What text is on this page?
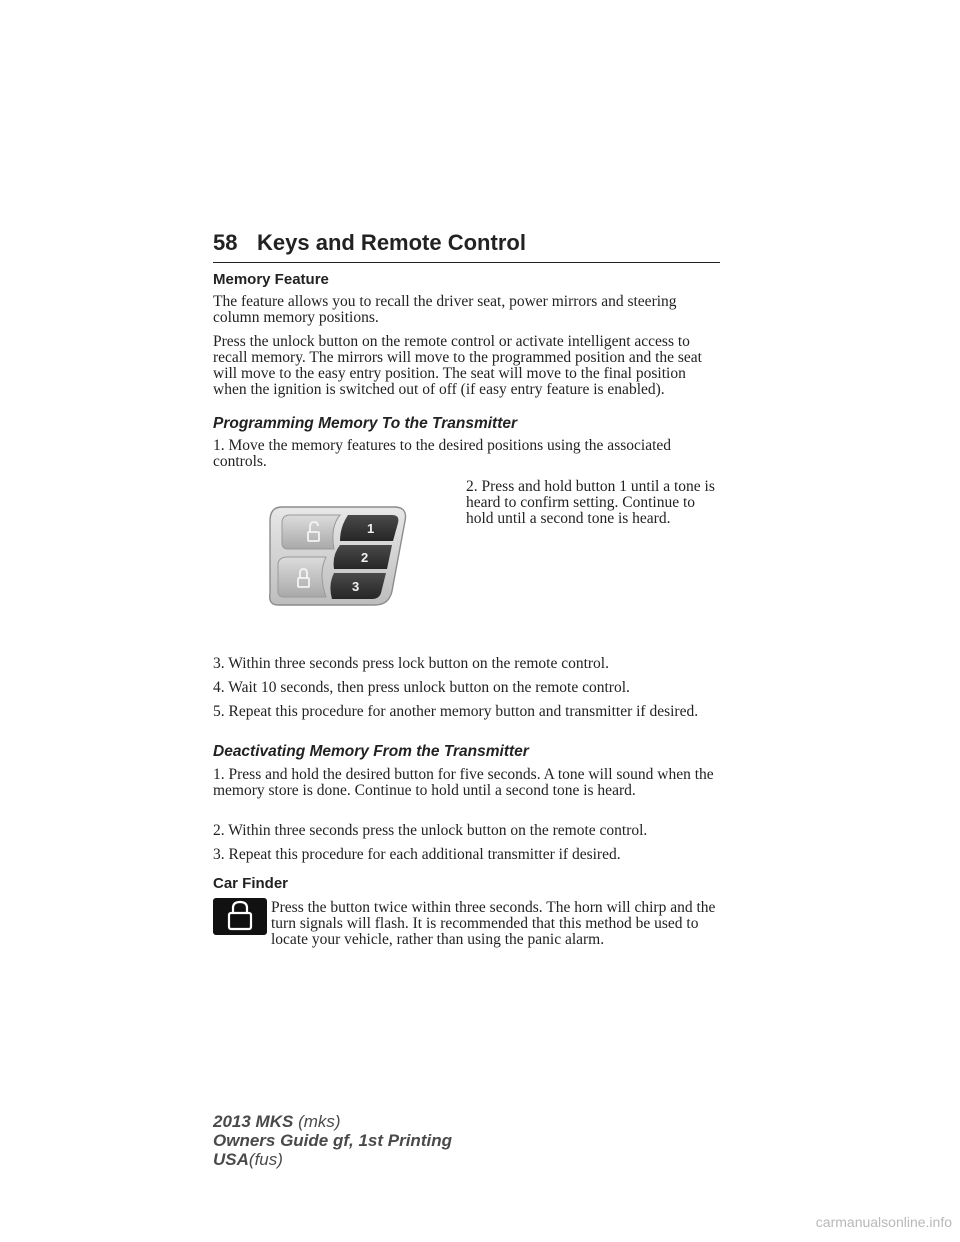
58 Keys and Remote Control
Memory Feature

The feature allows you to recall the driver seat, power mirrors and steering column memory positions.

Press the unlock button on the remote control or activate intelligent access to recall memory. The mirrors will move to the programmed position and the seat will move to the easy entry position. The seat will move to the final position when the ignition is switched out of off (if easy entry feature is enabled).

Programming Memory To the Transmitter

1. Move the memory features to the desired positions using the associated controls.

2. Press and hold button 1 until a tone is heard to confirm setting. Continue to hold until a second tone is heard.

1
2
3

3. Within three seconds press lock button on the remote control.

4. Wait 10 seconds, then press unlock button on the remote control.

5. Repeat this procedure for another memory button and transmitter if desired.

Deactivating Memory From the Transmitter

1. Press and hold the desired button for five seconds. A tone will sound when the memory store is done. Continue to hold until a second tone is heard.

2. Within three seconds press the unlock button on the remote control.

3. Repeat this procedure for each additional transmitter if desired.

Car Finder

Press the button twice within three seconds. The horn will chirp and the turn signals will flash. It is recommended that this method be used to locate your vehicle, rather than using the panic alarm.

2013 MKS (mks)
Owners Guide gf, 1st Printing
USA(fus)
carmanualsonline.info
